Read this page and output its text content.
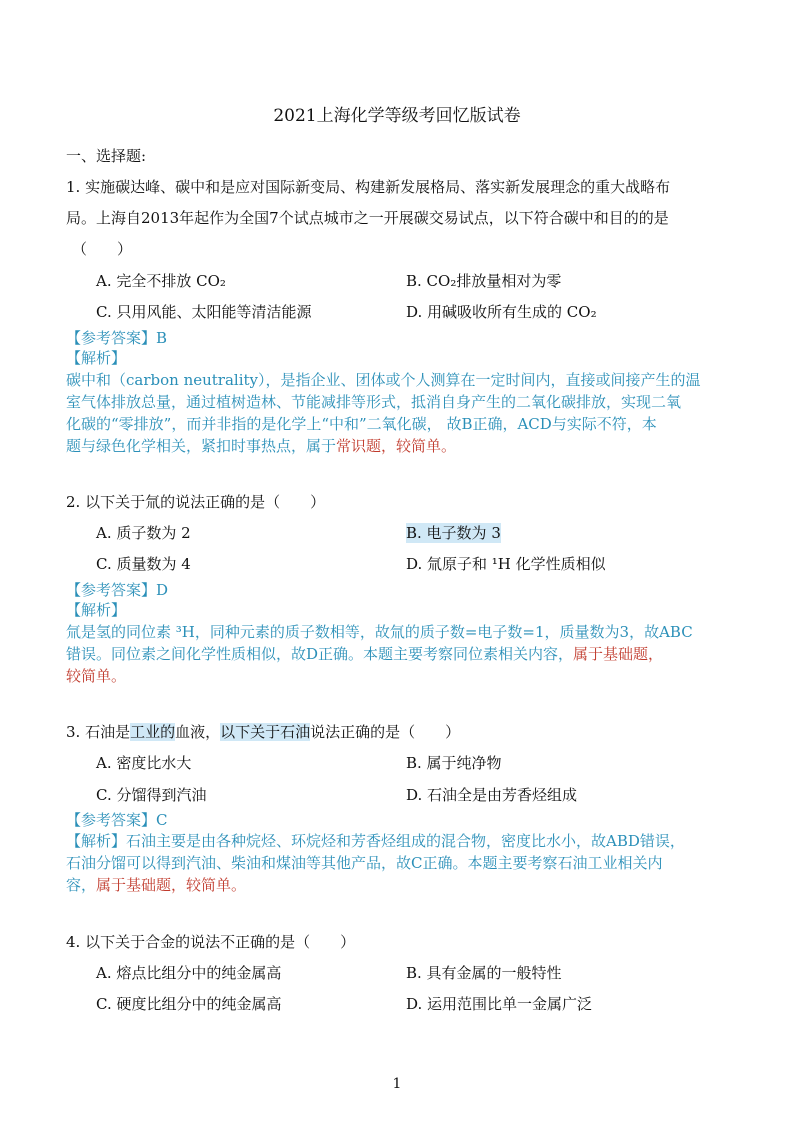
2021上海化学等级考回忆版试卷
一、选择题:
1. 实施碳达峰、碳中和是应对国际新变局、构建新发展格局、落实新发展理念的重大战略布
局。上海自2013年起作为全国7个试点城市之一开展碳交易试点，以下符合碳中和目的的是
（　　）
A. 完全不排放 CO₂	B. CO₂排放量相对为零
C. 只用风能、太阳能等清洁能源	D. 用碱吸收所有生成的 CO₂
【参考答案】B
【解析】
碳中和（carbon neutrality），是指企业、团体或个人测算在一定时间内，直接或间接产生的温
室气体排放总量，通过植树造林、节能减排等形式，抵消自身产生的二氧化碳排放，实现二氧
化碳的“零排放”，而并非指的是化学上“中和”二氧化碳， 故B正确，ACD与实际不符，本
题与绿色化学相关，紧扣时事热点，属于常识题，较简单。
2. 以下关于氚的说法正确的是（　　）
A. 质子数为 2	B. 电子数为 3
C. 质量数为 4	D. 氚原子和 ¹H 化学性质相似
【参考答案】D
【解析】
氚是氢的同位素 ³H，同种元素的质子数相等，故氚的质子数=电子数=1，质量数为3，故ABC
错误。同位素之间化学性质相似，故D正确。本题主要考察同位素相关内容，属于基础题，
较简单。
3. 石油是工业的血液，以下关于石油说法正确的是（　　）
A. 密度比水大	B. 属于纯净物
C. 分馏得到汽油	D. 石油全是由芳香烃组成
【参考答案】C
【解析】石油主要是由各种烷烃、环烷烃和芳香烃组成的混合物，密度比水小，故ABD错误，
石油分馏可以得到汽油、柴油和煤油等其他产品，故C正确。本题主要考察石油工业相关内
容，属于基础题，较简单。
4. 以下关于合金的说法不正确的是（　　）
A. 熔点比组分中的纯金属高	B. 具有金属的一般特性
C. 硬度比组分中的纯金属高	D. 运用范围比单一金属广泛
1
